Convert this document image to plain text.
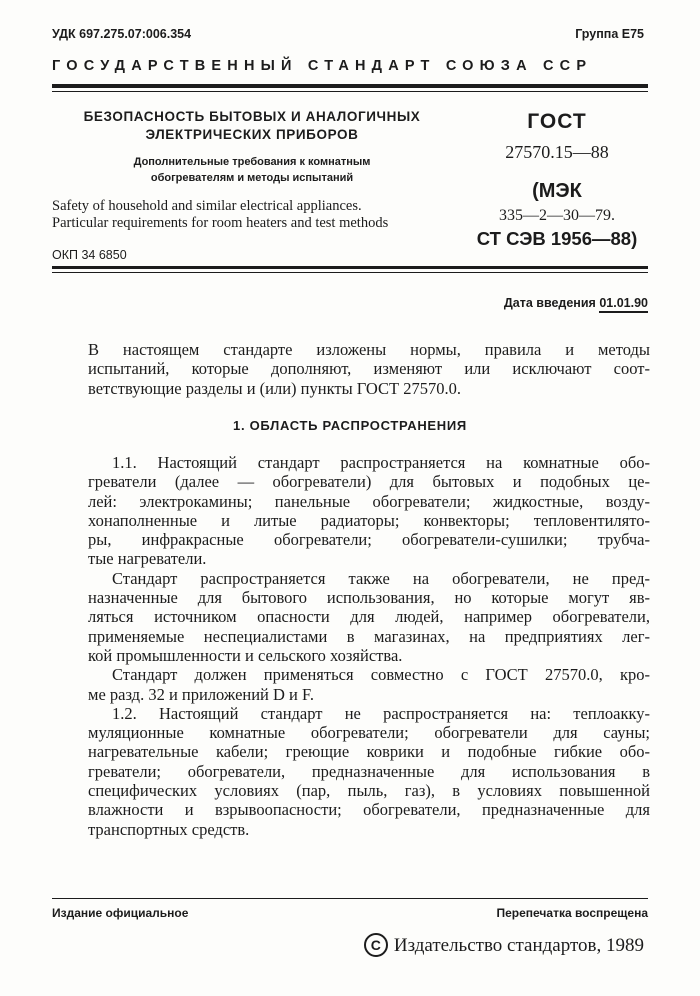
УДК 697.275.07:006.354	Группа Е75
ГОСУДАРСТВЕННЫЙ СТАНДАРТ СОЮЗА ССР
БЕЗОПАСНОСТЬ БЫТОВЫХ И АНАЛОГИЧНЫХ
ЭЛЕКТРИЧЕСКИХ ПРИБОРОВ
Дополнительные требования к комнатным
обогревателям и методы испытаний
Safety of household and similar electrical appliances.
Particular requirements for room heaters and test methods
ОКП 34 6850
ГОСТ
27570.15—88
(МЭК
335—2—30—79.
СТ СЭВ 1956—88)
Дата введения 01.01.90
В настоящем стандарте изложены нормы, правила и методы
испытаний, которые дополняют, изменяют или исключают соот-
ветствующие разделы и (или) пункты ГОСТ 27570.0.
1. ОБЛАСТЬ РАСПРОСТРАНЕНИЯ
1.1. Настоящий стандарт распространяется на комнатные обо-
греватели (далее — обогреватели) для бытовых и подобных це-
лей: электрокамины; панельные обогреватели; жидкостные, возду-
хонаполненные и литые радиаторы; конвекторы; тепловентилято-
ры, инфракрасные обогреватели; обогреватели-сушилки; трубча-
тые нагреватели.
Стандарт распространяется также на обогреватели, не пред-
назначенные для бытового использования, но которые могут яв-
ляться источником опасности для людей, например обогреватели,
применяемые неспециалистами в магазинах, на предприятиях лег-
кой промышленности и сельского хозяйства.
Стандарт должен применяться совместно с ГОСТ 27570.0, кро-
ме разд. 32 и приложений D и F.
1.2. Настоящий стандарт не распространяется на: теплоакку-
муляционные комнатные обогреватели; обогреватели для сауны;
нагревательные кабели; греющие коврики и подобные гибкие обо-
греватели; обогреватели, предназначенные для использования в
специфических условиях (пар, пыль, газ), в условиях повышенной
влажности и взрывоопасности; обогреватели, предназначенные для
транспортных средств.
Издание официальное	Перепечатка воспрещена
С Издательство стандартов, 1989
